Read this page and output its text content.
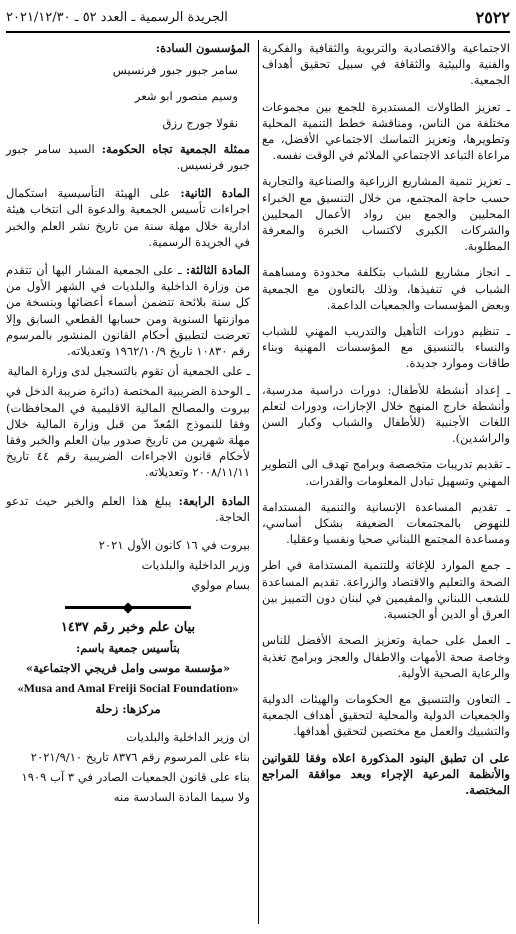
٢٥٢٢
الجريدة الرسمية ـ العدد ٥٢ ـ ٢٠٢١/١٢/٣٠

الاجتماعية والاقتصادية والتربوية والثقافية والفكرية والفنية والبيئية والثقافة في سبيل تحقيق أهداف الجمعية.

ـ تعزيز الطاولات المستديرة للجمع بين مجموعات مختلفة من الناس، ومناقشة خطط التنمية المحلية وتطويرها، وتعزيز التماسك الاجتماعي الأفضل، مع مراعاة التباعد الاجتماعي الملائم في الوقت نفسه.

ـ تعزيز تنمية المشاريع الزراعية والصناعية والتجارية حسب حاجة المجتمع، من خلال التنسيق مع الخبراء المحليين والجمع بين رواد الأعمال المحليين والشركات الكبرى لاكتساب الخبرة والمعرفة المطلوبة.

ـ انجاز مشاريع للشباب بتكلفة محدودة ومساهمة الشباب في تنفيذها، وذلك بالتعاون مع الجمعية وبعض المؤسسات والجمعيات الداعمة.

ـ تنظيم دورات التأهيل والتدريب المهني للشباب والنساء بالتنسيق مع المؤسسات المهنية وبناء طاقات وموارد جديدة.

ـ إعداد أنشطة للأطفال: دورات دراسية مدرسية، وأنشطة خارج المنهج خلال الإجازات، ودورات لتعلم اللغات الأجنبية (للأطفال والشباب وكبار السن والراشدين).

ـ تقديم تدريبات متخصصة وبرامج تهدف الى التطوير المهني وتسهيل تبادل المعلومات والقدرات.

ـ تقديم المساعدة الإنسانية والتنمية المستدامة للنهوض بالمجتمعات الضعيفة بشكل أساسي، ومساعدة المجتمع اللبناني صحيا ونفسيا وعقليا.

ـ جمع الموارد للإغاثة وللتنمية المستدامة في اطر الصحة والتعليم والاقتصاد والزراعة. تقديم المساعدة للشعب اللبناني والمقيمين في لبنان دون التمييز بين العرق أو الدين أو الجنسية.

ـ العمل على حماية وتعزيز الصحة الأفضل للناس وخاصة صحة الأمهات والاطفال والعجز وبرامج تغذية والرعاية الصحية الأولية.

ـ التعاون والتنسيق مع الحكومات والهيئات الدولية والجمعيات الدولية والمحلية لتحقيق أهداف الجمعية والتشبيك والعمل مع مختصين لتحقيق أهدافها.

على ان تطبق البنود المذكورة اعلاه وفقا للقوانين والأنظمة المرعية الإجراء وبعد موافقة المراجع المختصة.

المؤسسون السادة:

سامر جبور جبور فرنسيس
وسيم منصور ابو شعر
نقولا جورج رزق

ممثلة الجمعية تجاه الحكومة: السيد سامر جبور جبور فرنسيس.

المادة الثانية: على الهيئة التأسيسية استكمال اجراءات تأسيس الجمعية والدعوة الى انتخاب هيئة ادارية خلال مهلة سنة من تاريخ نشر العلم والخبر في الجريدة الرسمية.

المادة الثالثة: ـ على الجمعية المشار اليها أن تتقدم من وزارة الداخلية والبلديات في الشهر الأول من كل سنة بلائحة تتضمن أسماء أعضائها وبنسخة من موازنتها السنوية ومن حسابها القطعي السابق وإلا تعرضت لتطبيق أحكام القانون المنشور بالمرسوم رقم ١٠٨٣٠ تاريخ ١٩٦٢/١٠/٩ وتعديلاته.

ـ على الجمعية أن تقوم بالتسجيل لدى وزارة المالية

ـ الوحدة الضريبية المختصة (دائرة ضريبة الدخل في بيروت والمصالح المالية الاقليمية في المحافظات) وفقا للنموذج المُعدّ من قبل وزارة المالية خلال مهلة شهرين من تاريخ صدور بيان العلم والخبر وفقا لأحكام قانون الاجراءات الضريبية رقم ٤٤ تاريخ ٢٠٠٨/١١/١١ وتعديلاته.

المادة الرابعة: يبلغ هذا العلم والخبر حيث تدعو الحاجة.

بيروت في ١٦ كانون الأول ٢٠٢١

وزير الداخلية والبلديات

بسام مولوي

بيان علم وخبر رقم ١٤٣٧

بتأسيس جمعية باسم:

«مؤسسة موسى وامل فريجي الاجتماعية»

«Musa and Amal Freiji Social Foundation»

مركزها: زحلة

ان وزير الداخلية والبلديات

بناء على المرسوم رقم ٨٣٧٦ تاريخ ٢٠٢١/٩/١٠

بناء على قانون الجمعيات الصادر في ٣ آب ١٩٠٩

ولا سيما المادة السادسة منه
